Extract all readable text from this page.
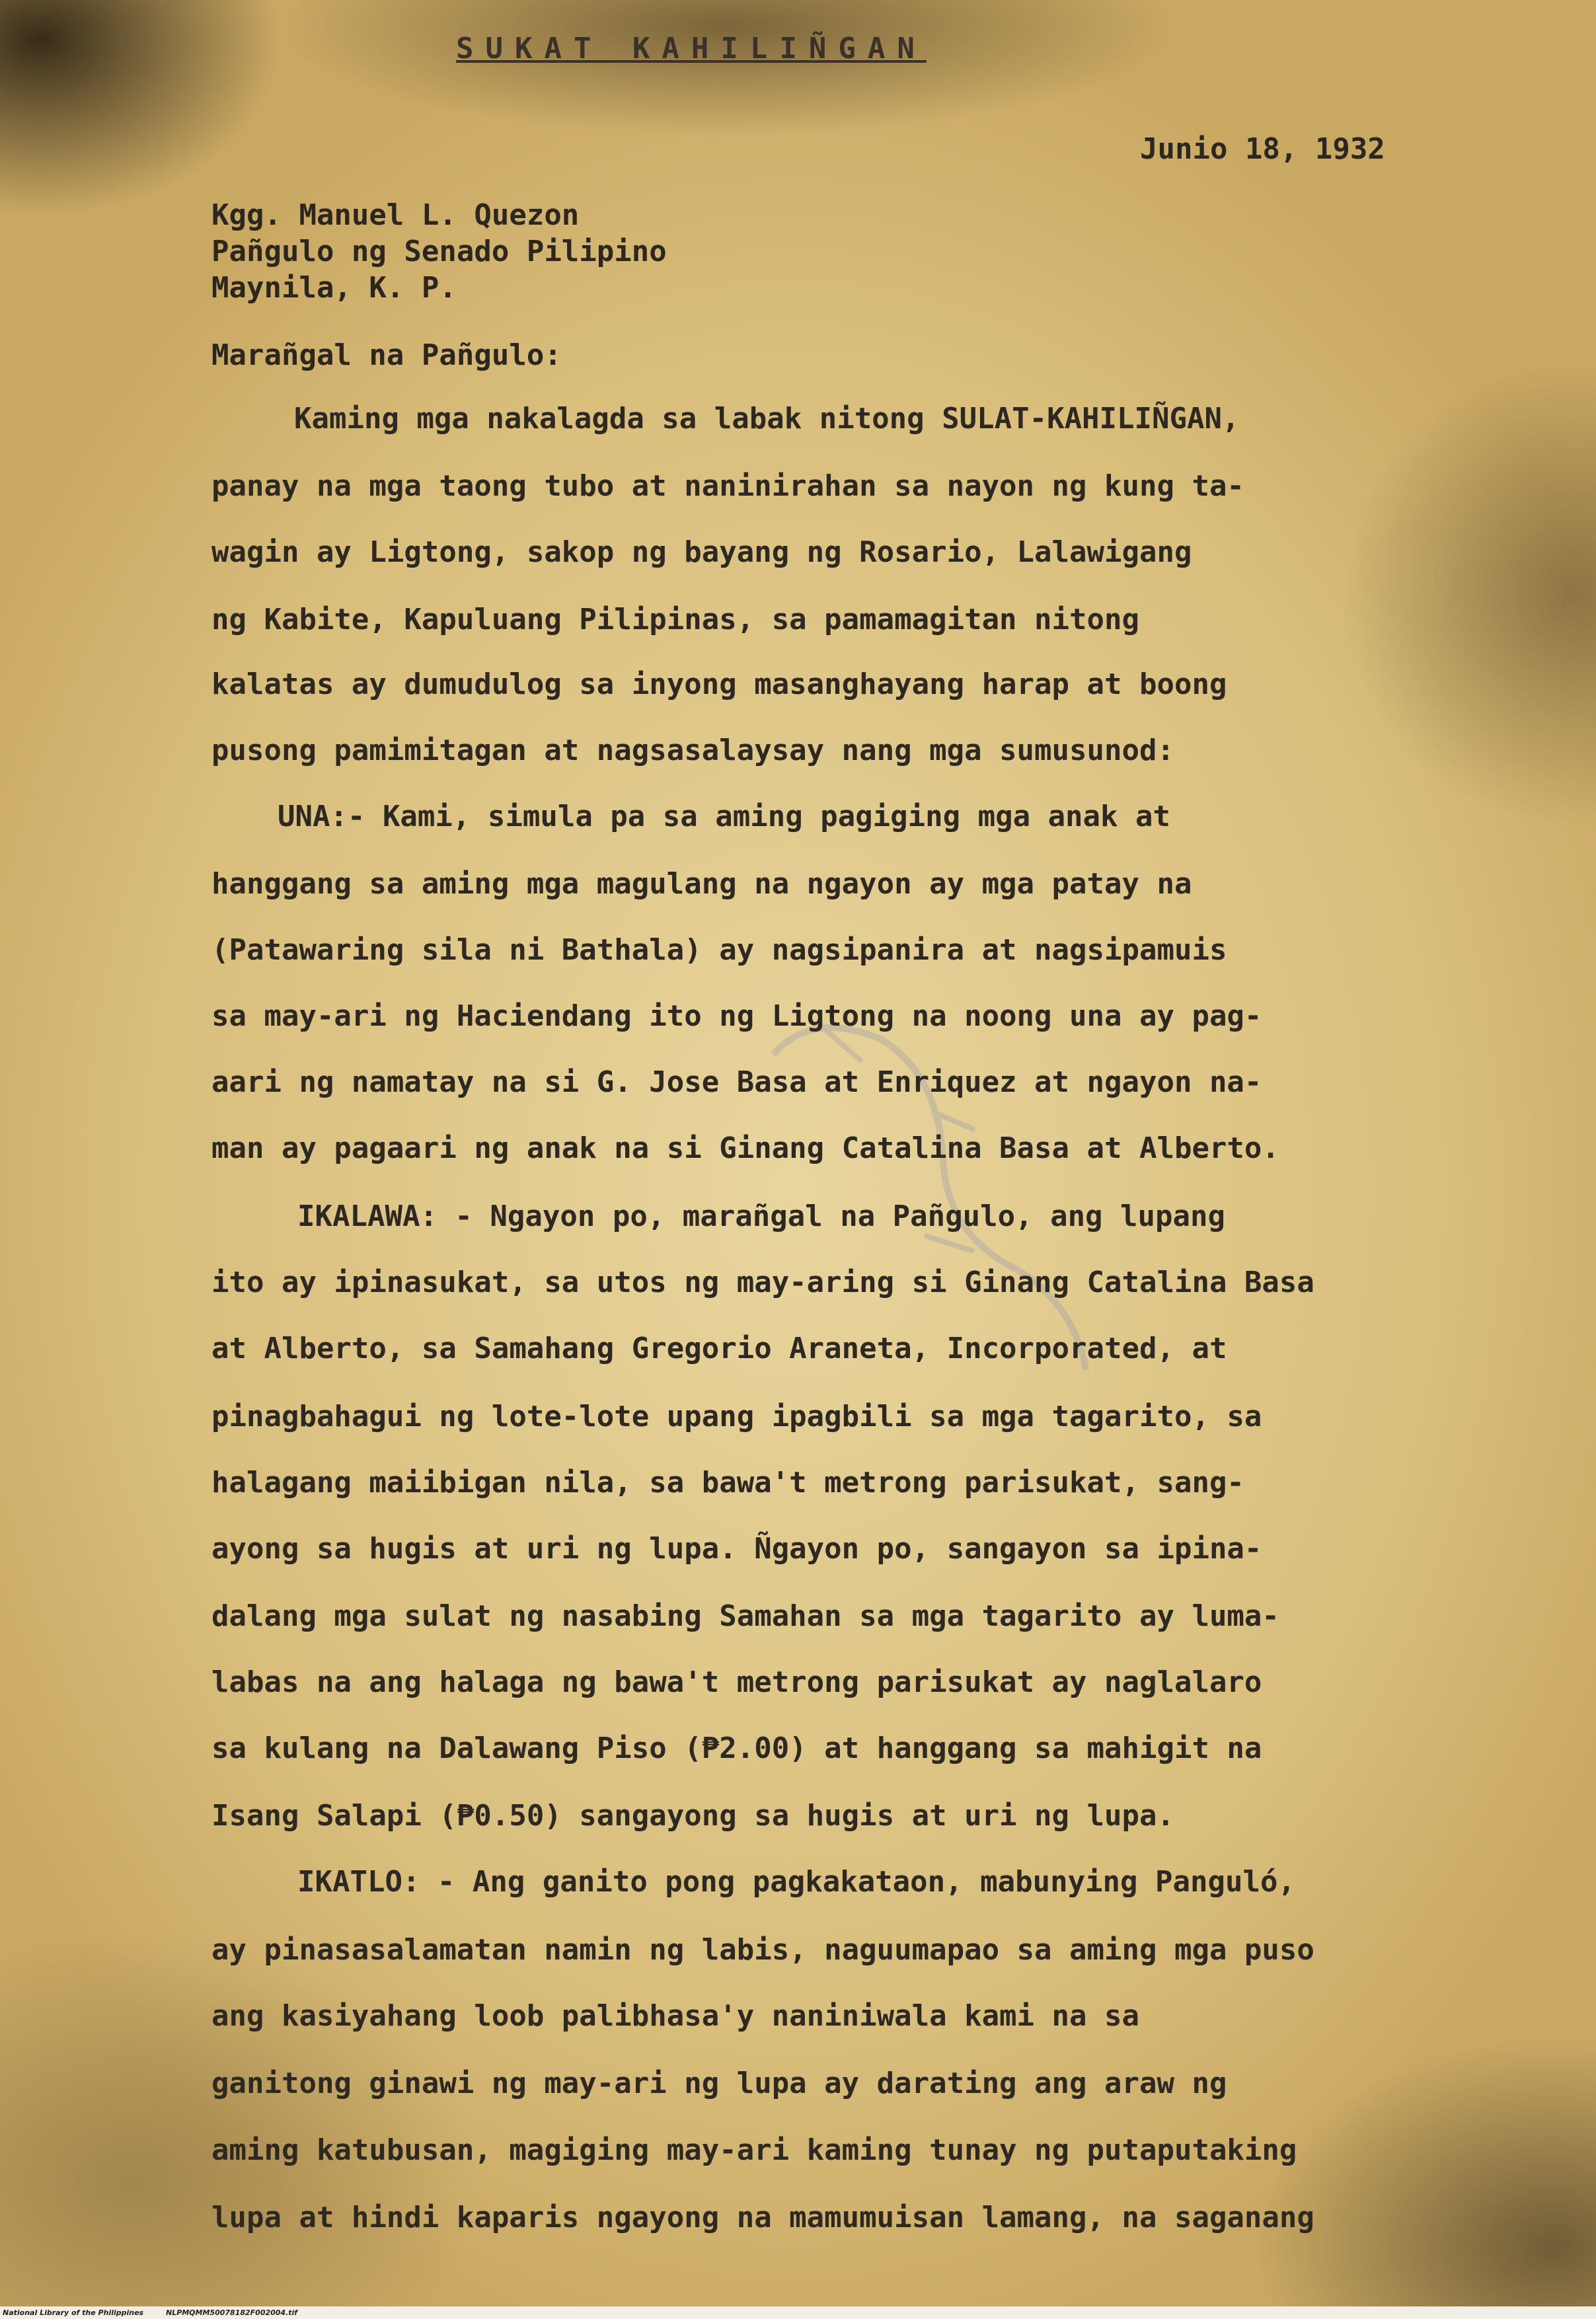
SUKAT KAHILIÑGAN
Junio 18, 1932
Kgg. Manuel L. Quezon
Pañgulo ng Senado Pilipino
Maynila, K. P.
Marañgal na Pañgulo:
Kaming mga nakalagda sa labak nitong SULAT-KAHILIÑGAN,
panay na mga taong tubo at naninirahan sa nayon ng kung ta-
wagin ay Ligtong, sakop ng bayang ng Rosario, Lalawigang
ng Kabite, Kapuluang Pilipinas, sa pamamagitan nitong
kalatas ay dumudulog sa inyong masanghayang harap at boong
pusong pamimitagan at nagsasalaysay nang mga sumusunod:
UNA:- Kami, simula pa sa aming pagiging mga anak at
hanggang sa aming mga magulang na ngayon ay mga patay na
(Patawaring sila ni Bathala) ay nagsipanira at nagsipamuis
sa may-ari ng Haciendang ito ng Ligtong na noong una ay pag-
aari ng namatay na si G. Jose Basa at Enriquez at ngayon na-
man ay pagaari ng anak na si Ginang Catalina Basa at Alberto.
IKALAWA: - Ngayon po, marañgal na Pañgulo, ang lupang
ito ay ipinasukat, sa utos ng may-aring si Ginang Catalina Basa
at Alberto, sa Samahang Gregorio Araneta, Incorporated, at
pinagbahagui ng lote-lote upang ipagbili sa mga tagarito, sa
halagang maiibigan nila, sa bawa't metrong parisukat, sang-
ayong sa hugis at uri ng lupa. Ñgayon po, sangayon sa ipina-
dalang mga sulat ng nasabing Samahan sa mga tagarito ay luma-
labas na ang halaga ng bawa't metrong parisukat ay naglalaro
sa kulang na Dalawang Piso (₱2.00) at hanggang sa mahigit na
Isang Salapi (₱0.50) sangayong sa hugis at uri ng lupa.
IKATLO: - Ang ganito pong pagkakataon, mabunying Panguló,
ay pinasasalamatan namin ng labis, naguumapao sa aming mga puso
ang kasiyahang loob palibhasa'y naniniwala kami na sa
ganitong ginawi ng may-ari ng lupa ay darating ang araw ng
aming katubusan, magiging may-ari kaming tunay ng putaputaking
lupa at hindi kaparis ngayong na mamumuisan lamang, na saganang
National Library of the Philippines	NLPMQMM50078182F002004.tif
